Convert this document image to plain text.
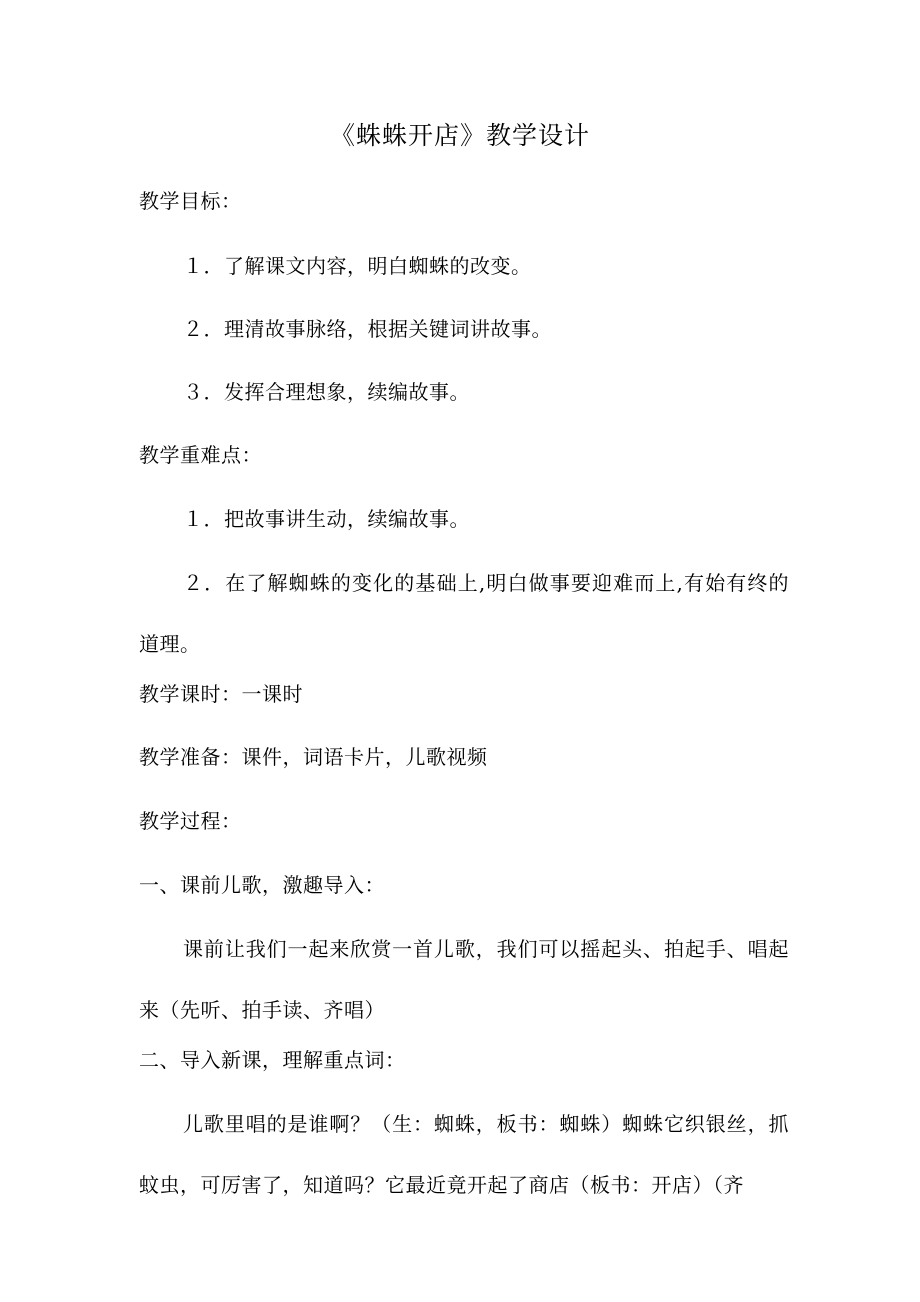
《蛛蛛开店》教学设计
教学目标：
１．了解课文内容，明白蜘蛛的改变。
２．理清故事脉络，根据关键词讲故事。
３．发挥合理想象，续编故事。
教学重难点：
１．把故事讲生动，续编故事。
２．在了解蜘蛛的变化的基础上,明白做事要迎难而上,有始有终的道理。
教学课时：一课时
教学准备：课件，词语卡片，儿歌视频
教学过程：
一、课前儿歌，激趣导入：
课前让我们一起来欣赏一首儿歌，我们可以摇起头、拍起手、唱起来（先听、拍手读、齐唱）
二、导入新课，理解重点词：
儿歌里唱的是谁啊？（生：蜘蛛，板书：蜘蛛）蜘蛛它织银丝，抓蚊虫，可厉害了，知道吗？它最近竟开起了商店（板书：开店）（齐
